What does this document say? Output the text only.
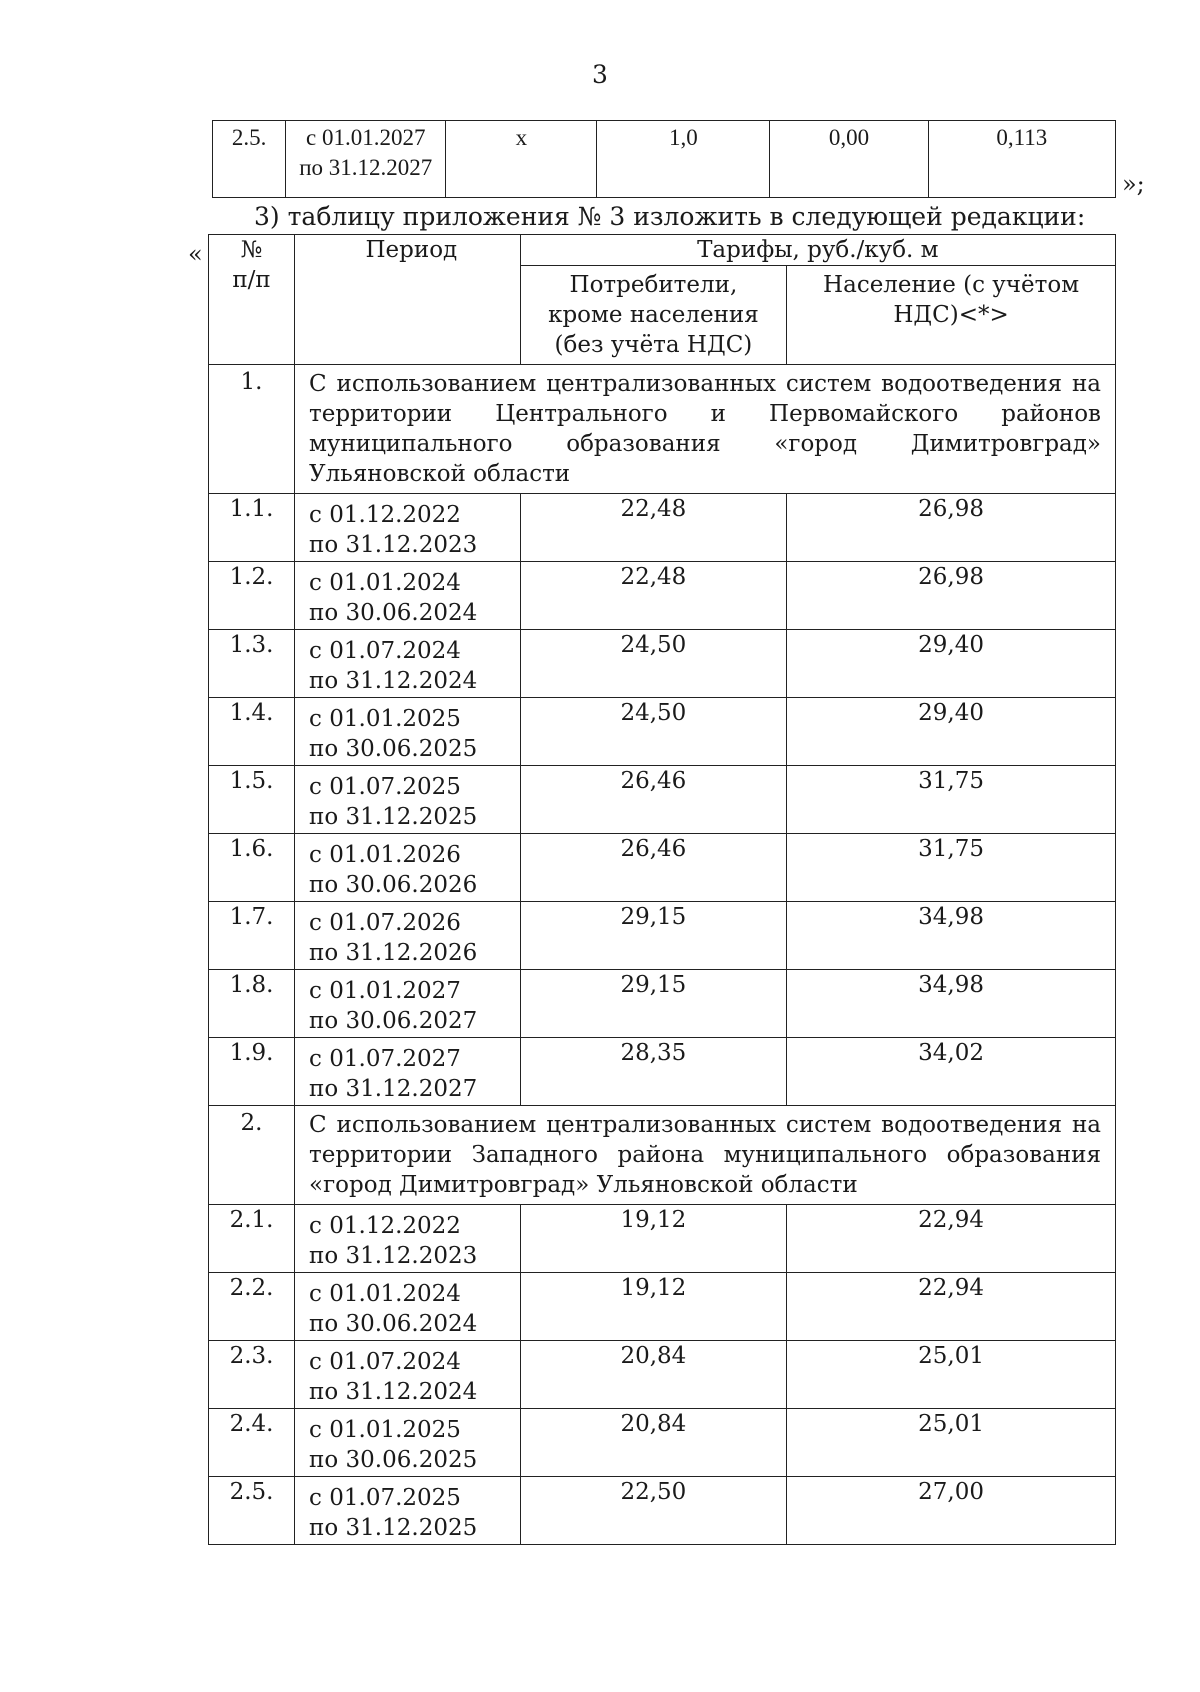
3
2.5.	с 01.01.2027
по 31.12.2027
	х	1,0	0,00	0,113
»;
3) таблицу приложения № 3 изложить в следующей редакции:
«	№
п/п	Период	Тарифы, руб./куб. м	
		Потребители, кроме населения (без учёта НДС)	Население (с учётом НДС)<*>
1.	С использованием централизованных систем водоотведения на территории Центрального и Первомайского районов муниципального образования «город Димитровград» Ульяновской области		
1.1.	с 01.12.2022
по 31.12.2023	22,48	26,98
1.2.	с 01.01.2024
по 30.06.2024	22,48	26,98
1.3.	с 01.07.2024
по 31.12.2024	24,50	29,40
1.4.	с 01.01.2025
по 30.06.2025	24,50	29,40
1.5.	с 01.07.2025
по 31.12.2025	26,46	31,75
1.6.	с 01.01.2026
по 30.06.2026	26,46	31,75
1.7.	с 01.07.2026
по 31.12.2026	29,15	34,98
1.8.	с 01.01.2027
по 30.06.2027	29,15	34,98
1.9.	с 01.07.2027
по 31.12.2027	28,35	34,02
2.	С использованием централизованных систем водоотведения на территории Западного района муниципального образования «город Димитровград» Ульяновской области		
2.1.	с 01.12.2022
по 31.12.2023	19,12	22,94
2.2.	с 01.01.2024
по 30.06.2024	19,12	22,94
2.3.	с 01.07.2024
по 31.12.2024	20,84	25,01
2.4.	с 01.01.2025
по 30.06.2025	20,84	25,01
2.5.	с 01.07.2025
по 31.12.2025	22,50	27,00
